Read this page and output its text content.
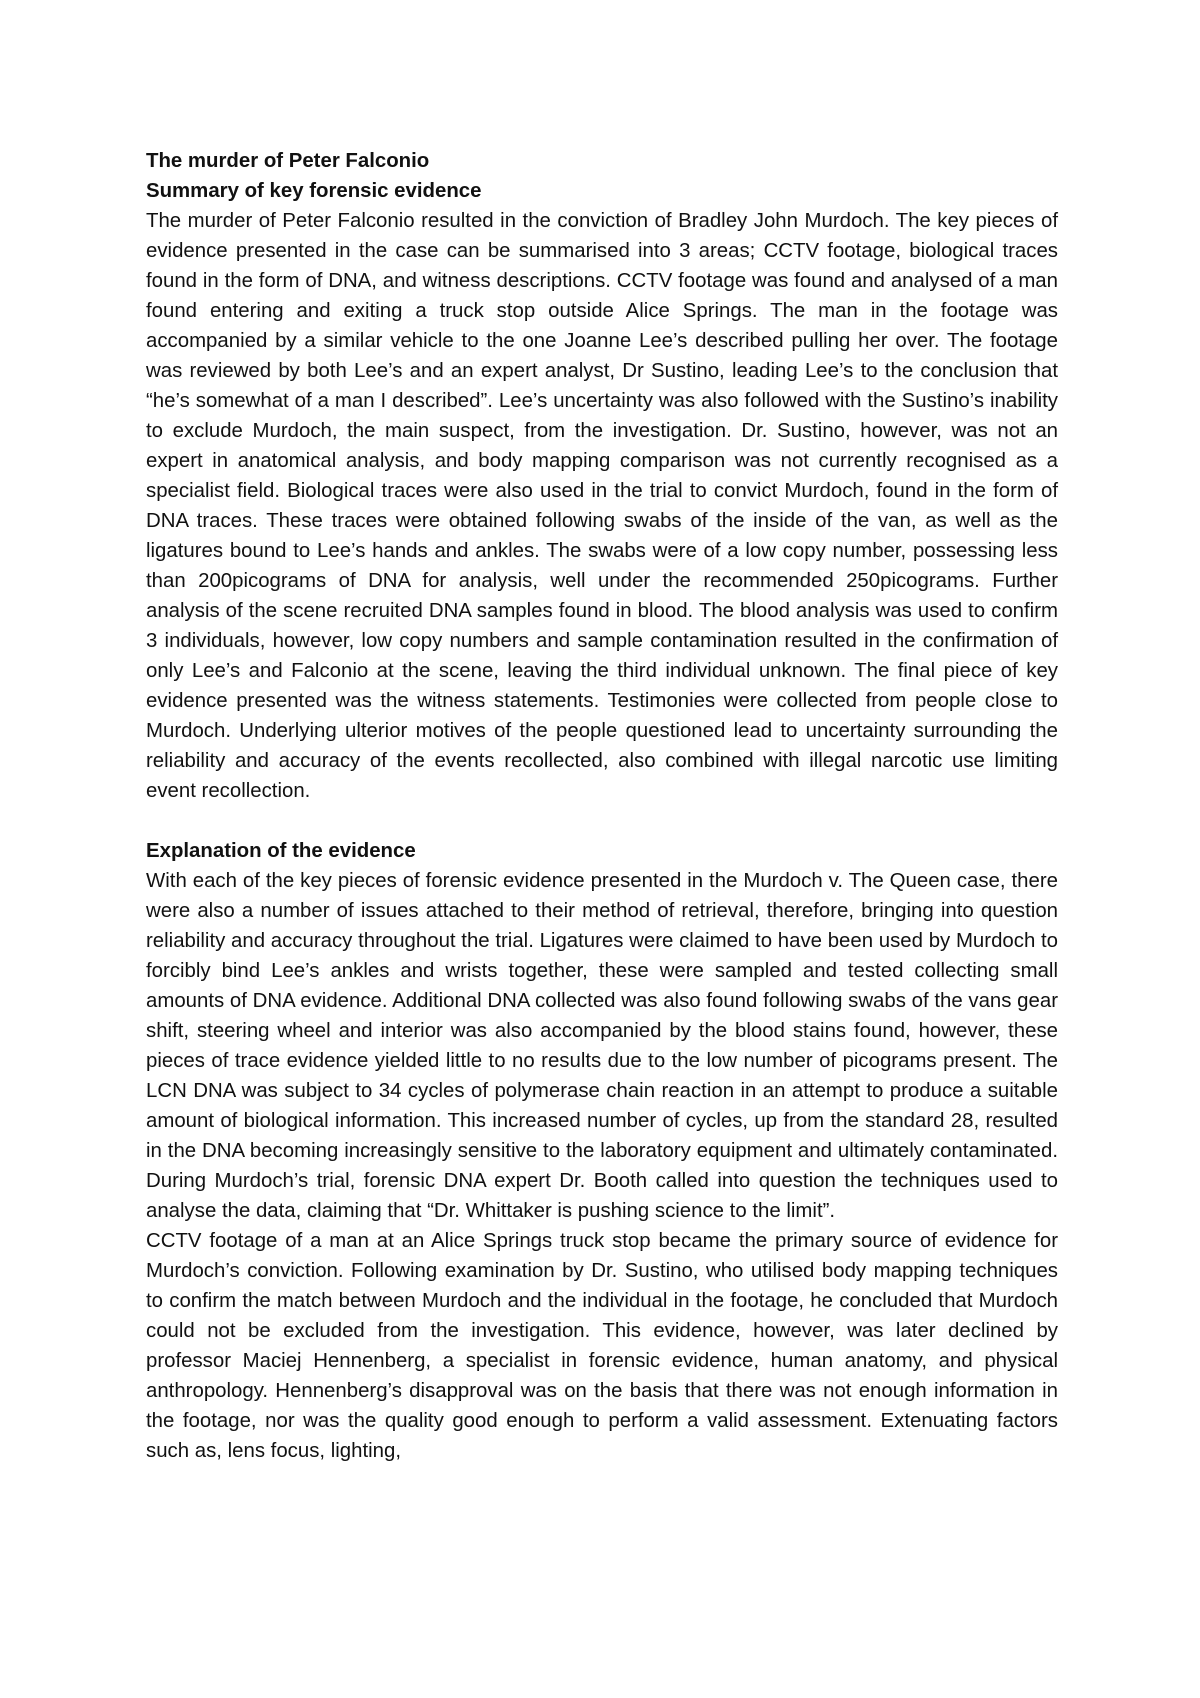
The murder of Peter Falconio
Summary of key forensic evidence

The murder of Peter Falconio resulted in the conviction of Bradley John Murdoch. The key pieces of evidence presented in the case can be summarised into 3 areas; CCTV footage, biological traces found in the form of DNA, and witness descriptions. CCTV footage was found and analysed of a man found entering and exiting a truck stop outside Alice Springs. The man in the footage was accompanied by a similar vehicle to the one Joanne Lee’s described pulling her over. The footage was reviewed by both Lee’s and an expert analyst, Dr Sustino, leading Lee’s to the conclusion that “he’s somewhat of a man I described”. Lee’s uncertainty was also followed with the Sustino’s inability to exclude Murdoch, the main suspect, from the investigation. Dr. Sustino, however, was not an expert in anatomical analysis, and body mapping comparison was not currently recognised as a specialist field. Biological traces were also used in the trial to convict Murdoch, found in the form of DNA traces. These traces were obtained following swabs of the inside of the van, as well as the ligatures bound to Lee’s hands and ankles. The swabs were of a low copy number, possessing less than 200picograms of DNA for analysis, well under the recommended 250picograms. Further analysis of the scene recruited DNA samples found in blood. The blood analysis was used to confirm 3 individuals, however, low copy numbers and sample contamination resulted in the confirmation of only Lee’s and Falconio at the scene, leaving the third individual unknown. The final piece of key evidence presented was the witness statements. Testimonies were collected from people close to Murdoch. Underlying ulterior motives of the people questioned lead to uncertainty surrounding the reliability and accuracy of the events recollected, also combined with illegal narcotic use limiting event recollection.

Explanation of the evidence

With each of the key pieces of forensic evidence presented in the Murdoch v. The Queen case, there were also a number of issues attached to their method of retrieval, therefore, bringing into question reliability and accuracy throughout the trial. Ligatures were claimed to have been used by Murdoch to forcibly bind Lee’s ankles and wrists together, these were sampled and tested collecting small amounts of DNA evidence. Additional DNA collected was also found following swabs of the vans gear shift, steering wheel and interior was also accompanied by the blood stains found, however, these pieces of trace evidence yielded little to no results due to the low number of picograms present. The LCN DNA was subject to 34 cycles of polymerase chain reaction in an attempt to produce a suitable amount of biological information. This increased number of cycles, up from the standard 28, resulted in the DNA becoming increasingly sensitive to the laboratory equipment and ultimately contaminated. During Murdoch’s trial, forensic DNA expert Dr. Booth called into question the techniques used to analyse the data, claiming that “Dr. Whittaker is pushing science to the limit”.

CCTV footage of a man at an Alice Springs truck stop became the primary source of evidence for Murdoch’s conviction. Following examination by Dr. Sustino, who utilised body mapping techniques to confirm the match between Murdoch and the individual in the footage, he concluded that Murdoch could not be excluded from the investigation. This evidence, however, was later declined by professor Maciej Hennenberg, a specialist in forensic evidence, human anatomy, and physical anthropology. Hennenberg’s disapproval was on the basis that there was not enough information in the footage, nor was the quality good enough to perform a valid assessment. Extenuating factors such as, lens focus, lighting,
